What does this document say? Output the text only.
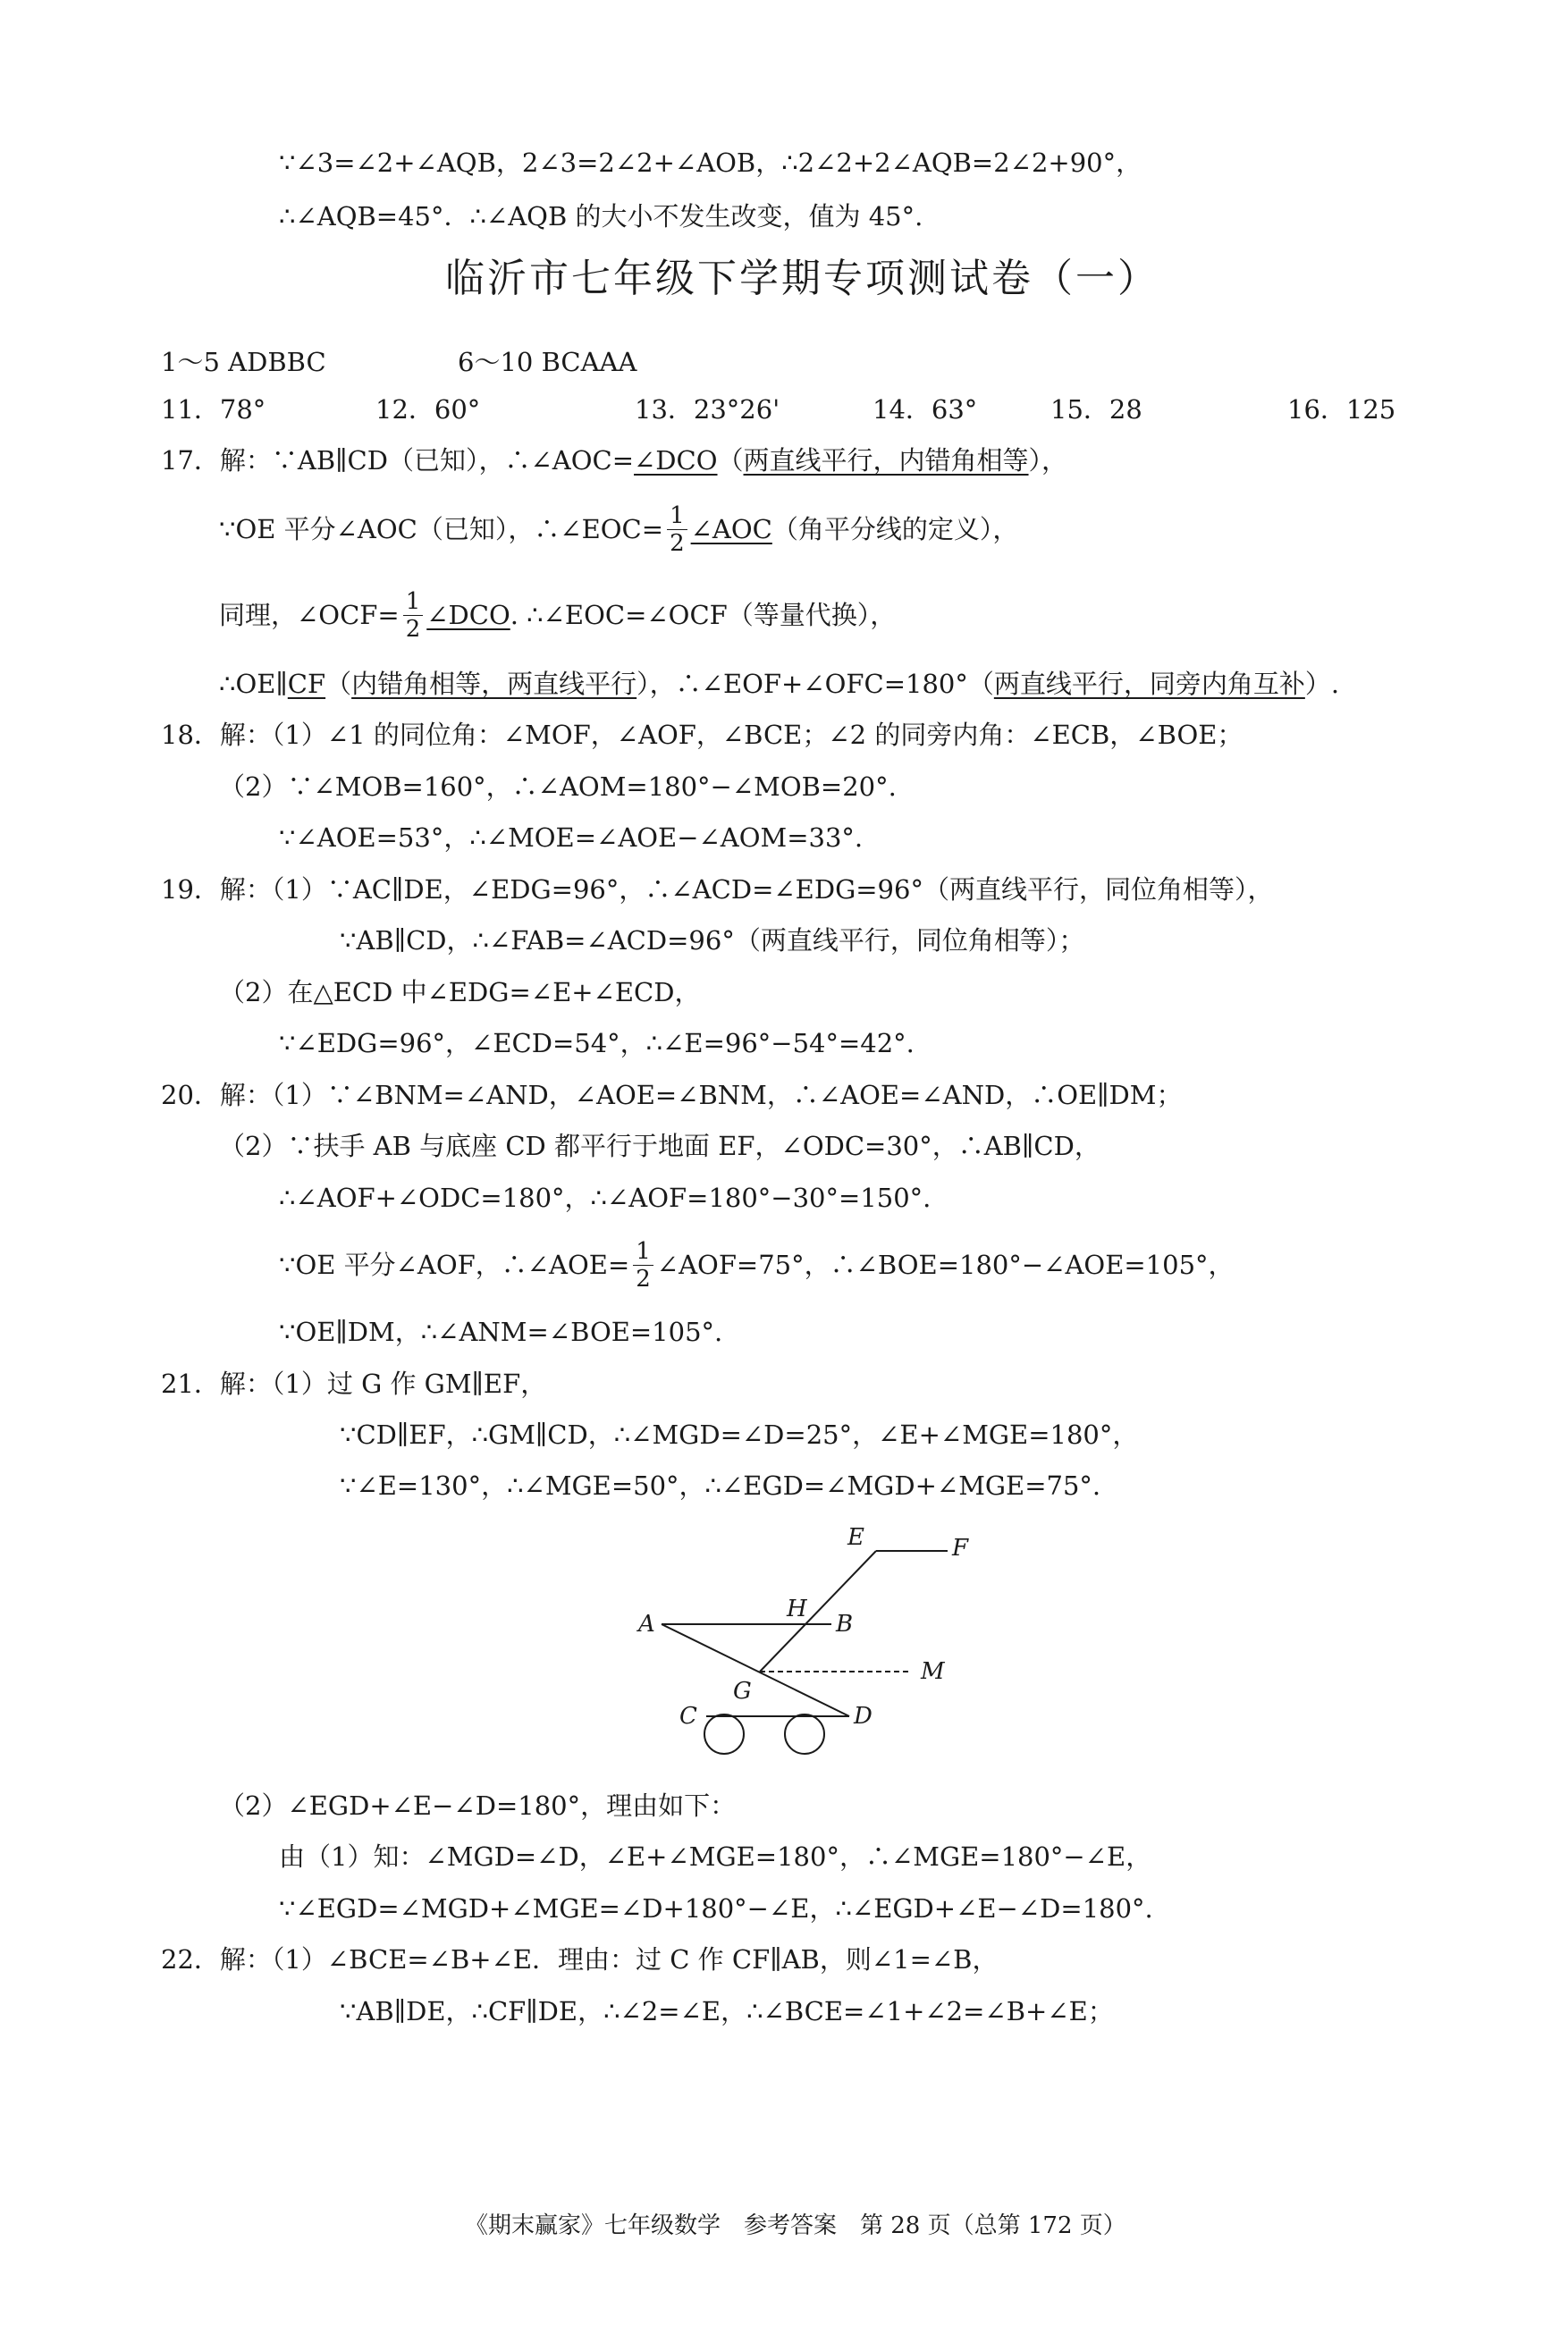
∵∠3=∠2+∠AQB，2∠3=2∠2+∠AOB，∴2∠2+2∠AQB=2∠2+90°，
∴∠AQB=45°．∴∠AQB 的大小不发生改变，值为 45°.
临沂市七年级下学期专项测试卷（一）
1～5 ADBBC	6～10 BCAAA
11．78°	12．60°	13．23°26'	14．63°	15．28	16．125
17．解：∵AB∥CD（已知），∴∠AOC=∠DCO（两直线平行，内错角相等），
∵OE 平分∠AOC（已知），∴∠EOC= $\frac{1}{2}$ ∠AOC （角平分线的定义），
同理，∠OCF= $\frac{1}{2}$ ∠DCO . ∴∠EOC=∠OCF（等量代换），
∴OE∥CF（内错角相等，两直线平行），∴∠EOF+∠OFC=180°（两直线平行，同旁内角互补）.
18．解：（1）∠1 的同位角：∠MOF，∠AOF，∠BCE；∠2 的同旁内角：∠ECB，∠BOE；
（2）∵∠MOB=160°，∴∠AOM=180°−∠MOB=20°.
∵∠AOE=53°，∴∠MOE=∠AOE−∠AOM=33°.
19．解：（1）∵AC∥DE，∠EDG=96°，∴∠ACD=∠EDG=96°（两直线平行，同位角相等），
∵AB∥CD，∴∠FAB=∠ACD=96°（两直线平行，同位角相等）；
（2）在△ECD 中∠EDG=∠E+∠ECD，
∵∠EDG=96°，∠ECD=54°，∴∠E=96°−54°=42°.
20．解：（1）∵∠BNM=∠AND，∠AOE=∠BNM，∴∠AOE=∠AND，∴OE∥DM；
（2）∵扶手 AB 与底座 CD 都平行于地面 EF，∠ODC=30°，∴AB∥CD，
∴∠AOF+∠ODC=180°，∴∠AOF=180°−30°=150°.
∵OE 平分∠AOF，∴∠AOE= $\frac{1}{2}$ ∠AOF=75°，∴∠BOE=180°−∠AOE=105°，
∵OE∥DM，∴∠ANM=∠BOE=105°.
21．解：（1）过 G 作 GM∥EF，
∵CD∥EF，∴GM∥CD，∴∠MGD=∠D=25°，∠E+∠MGE=180°，
∵∠E=130°，∴∠MGE=50°，∴∠EGD=∠MGD+∠MGE=75°.
E	F
A
H
B
M
G
C	D
（2）∠EGD+∠E−∠D=180°，理由如下：
由（1）知：∠MGD=∠D，∠E+∠MGE=180°，∴∠MGE=180°−∠E，
∵∠EGD=∠MGD+∠MGE=∠D+180°−∠E，∴∠EGD+∠E−∠D=180°.
22．解：（1）∠BCE=∠B+∠E．理由：过 C 作 CF∥AB，则∠1=∠B，
∵AB∥DE，∴CF∥DE，∴∠2=∠E，∴∠BCE=∠1+∠2=∠B+∠E；
《期末赢家》七年级数学　参考答案　第 28 页（总第 172 页）
